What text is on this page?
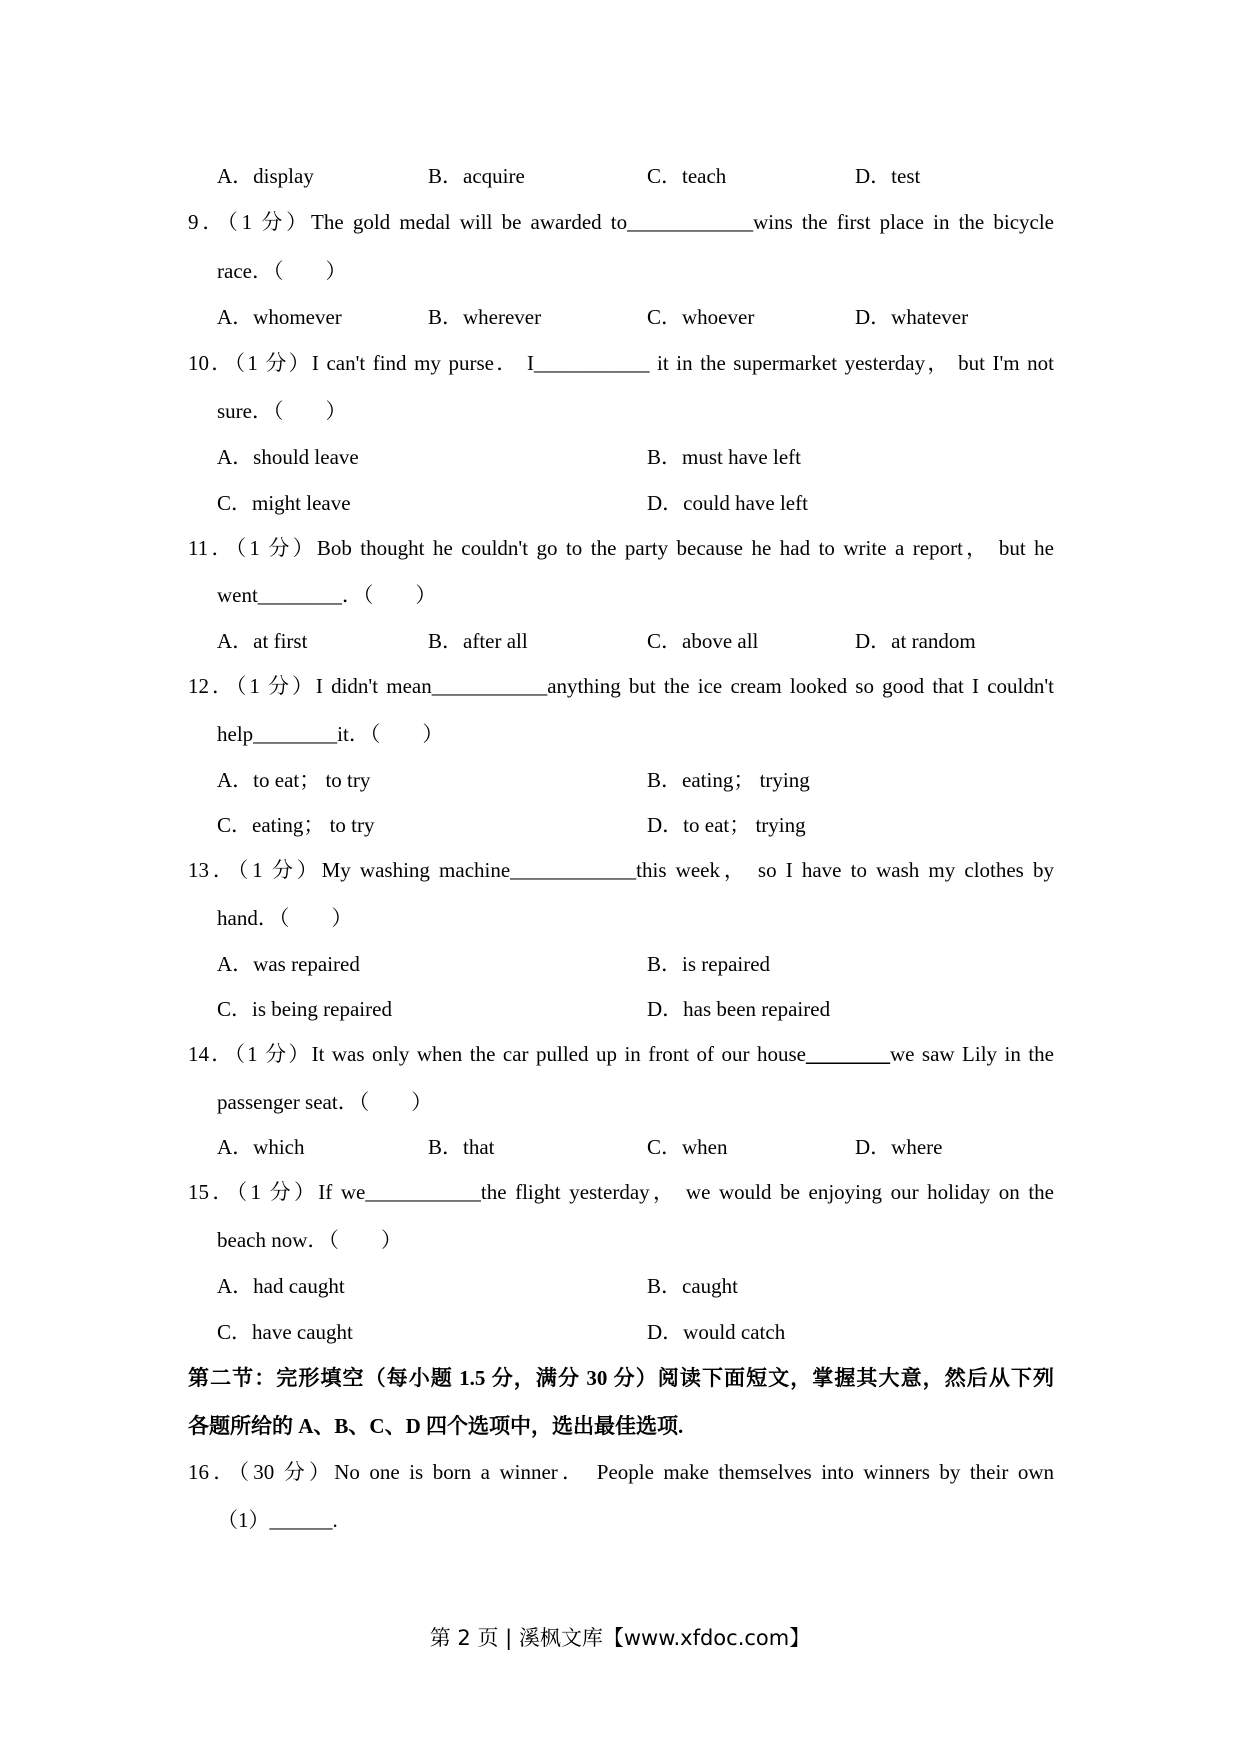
A．display	B．acquire	C．teach	D．test
9．（1 分）The gold medal will be awarded to____________wins the first place in the bicycle
race．（　　）
A．whomever	B．wherever	C．whoever	D．whatever
10．（1 分）I can't find my purse． I___________ it in the supermarket yesterday， but I'm not
sure．（　　）
A．should leave	B．must have left
C．might leave	D．could have left
11．（1 分）Bob thought he couldn't go to the party because he had to write a report， but he
went________．（　　）
A．at first	B．after all	C．above all	D．at random
12．（1 分）I didn't mean___________anything but the ice cream looked so good that I couldn't
help________it．（　　）
A．to eat； to try	B．eating； trying
C．eating； to try	D．to eat； trying
13．（1 分）My washing machine____________this week， so I have to wash my clothes by
hand．（　　）
A．was repaired	B．is repaired
C．is being repaired	D．has been repaired
14．（1 分）It was only when the car pulled up in front of our house________we saw Lily in the
passenger seat．（　　）
A．which	B．that	C．when	D．where
15．（1 分）If we___________the flight yesterday， we would be enjoying our holiday on the
beach now．（　　）
A．had caught	B．caught
C．have caught	D．would catch
第二节：完形填空（每小题 1.5 分，满分 30 分）阅读下面短文，掌握其大意，然后从下列
各题所给的 A、B、C、D 四个选项中，选出最佳选项.
16．（30 分）No one is born a winner． People make themselves into winners by their own
（1）______.
第 2 页 | 溪枫文库【www.xfdoc.com】
